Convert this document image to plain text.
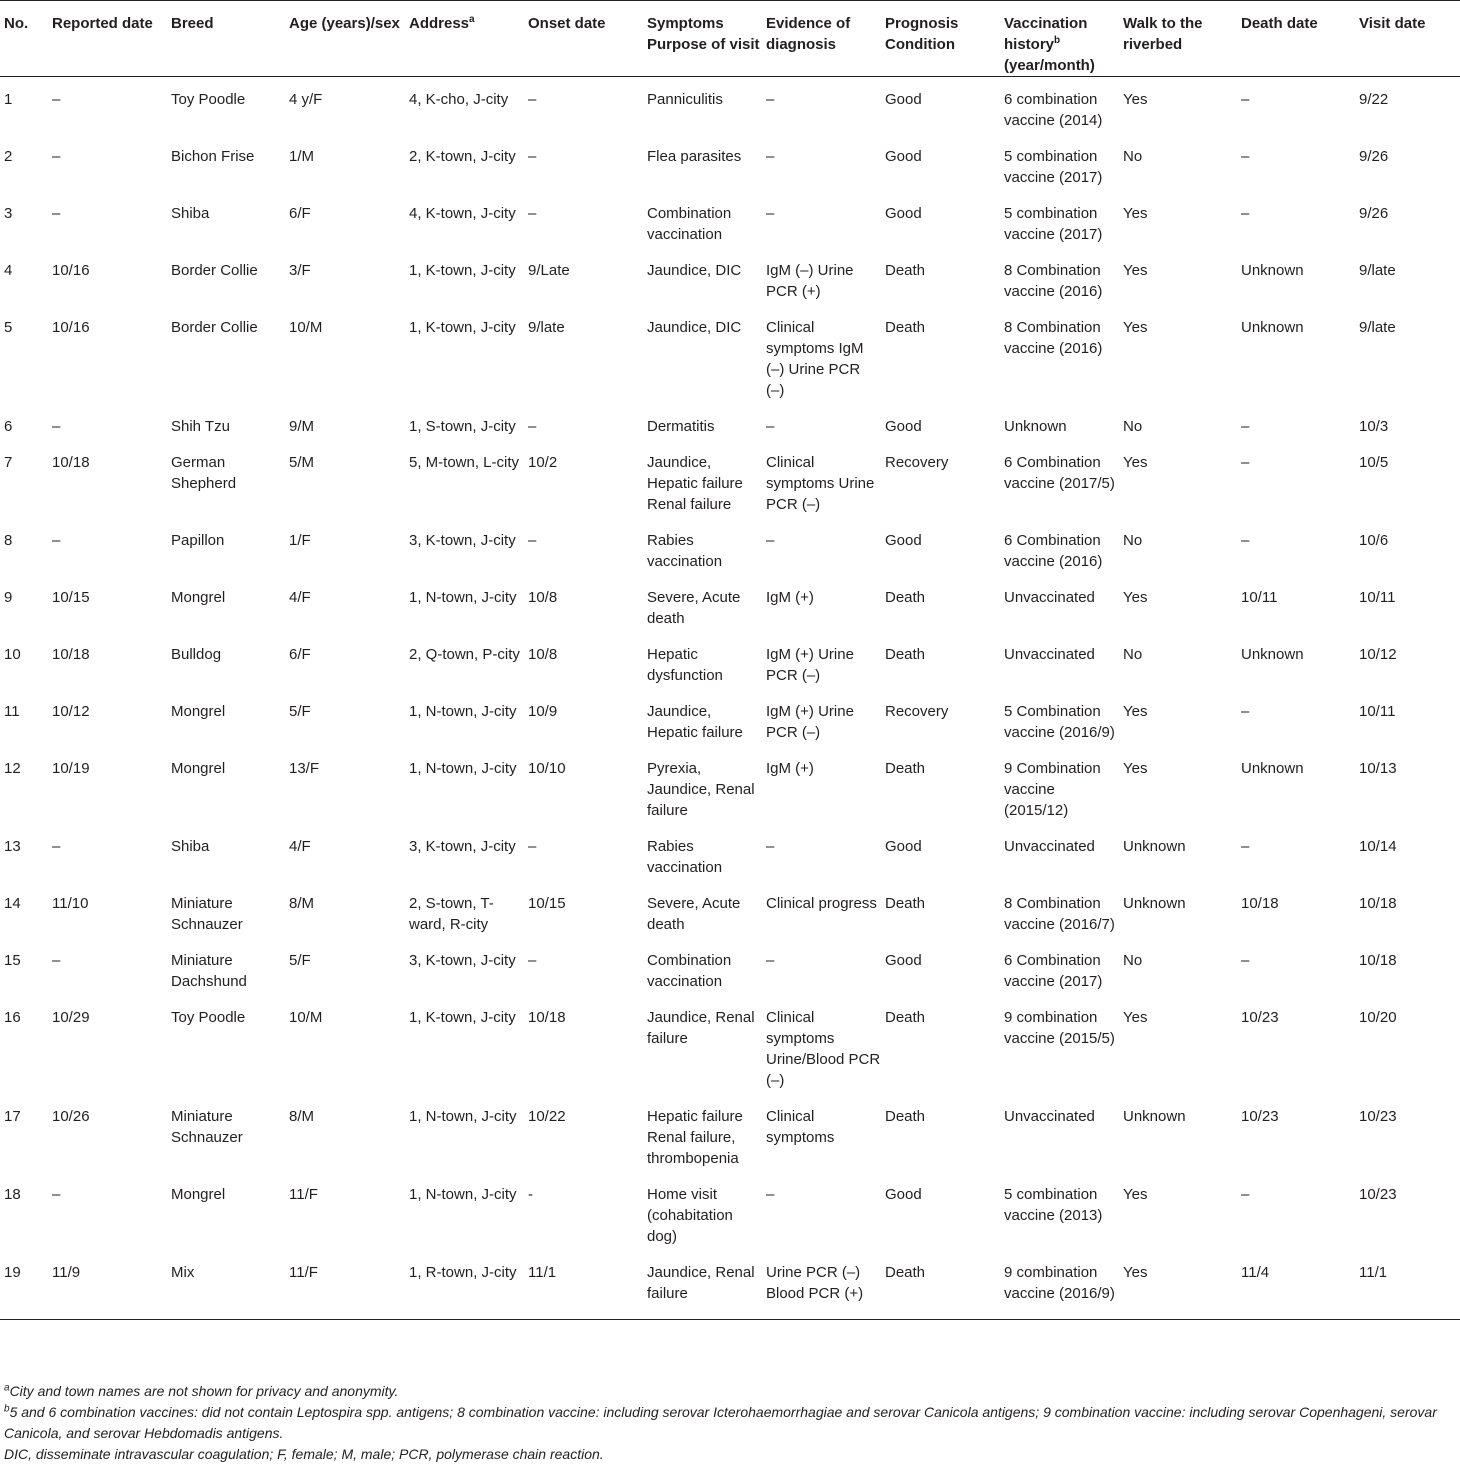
No.	Reported date	Breed	Age (years)/sex	Address$^a$	Onset date	Symptoms Purpose of visit	Evidence of diagnosis	Prognosis Condition	Vaccination history$^b$ (year/month)	Walk to the riverbed	Death date	Visit date
1	–	Toy Poodle	4 y/F	4, K-cho, J-city	–	Panniculitis	–	Good	6 combination vaccine (2014)	Yes	–	9/22
2	–	Bichon Frise	1/M	2, K-town, J-city	–	Flea parasites	–	Good	5 combination vaccine (2017)	No	–	9/26
3	–	Shiba	6/F	4, K-town, J-city	–	Combination vaccination	–	Good	5 combination vaccine (2017)	Yes	–	9/26
4	10/16	Border Collie	3/F	1, K-town, J-city	9/Late	Jaundice, DIC	IgM (–) Urine PCR (+)	Death	8 Combination vaccine (2016)	Yes	Unknown	9/late
5	10/16	Border Collie	10/M	1, K-town, J-city	9/late	Jaundice, DIC	Clinical symptoms IgM (–) Urine PCR (–)	Death	8 Combination vaccine (2016)	Yes	Unknown	9/late
6	–	Shih Tzu	9/M	1, S-town, J-city	–	Dermatitis	–	Good	Unknown	No	–	10/3
7	10/18	German Shepherd	5/M	5, M-town, L-city	10/2	Jaundice, Hepatic failure Renal failure	Clinical symptoms Urine PCR (–)	Recovery	6 Combination vaccine (2017/5)	Yes	–	10/5
8	–	Papillon	1/F	3, K-town, J-city	–	Rabies vaccination	–	Good	6 Combination vaccine (2016)	No	–	10/6
9	10/15	Mongrel	4/F	1, N-town, J-city	10/8	Severe, Acute death	IgM (+)	Death	Unvaccinated	Yes	10/11	10/11
10	10/18	Bulldog	6/F	2, Q-town, P-city	10/8	Hepatic dysfunction	IgM (+) Urine PCR (–)	Death	Unvaccinated	No	Unknown	10/12
11	10/12	Mongrel	5/F	1, N-town, J-city	10/9	Jaundice, Hepatic failure	IgM (+) Urine PCR (–)	Recovery	5 Combination vaccine (2016/9)	Yes	–	10/11
12	10/19	Mongrel	13/F	1, N-town, J-city	10/10	Pyrexia, Jaundice, Renal failure	IgM (+)	Death	9 Combination vaccine (2015/12)	Yes	Unknown	10/13
13	–	Shiba	4/F	3, K-town, J-city	–	Rabies vaccination	–	Good	Unvaccinated	Unknown	–	10/14
14	11/10	Miniature Schnauzer	8/M	2, S-town, T-ward, R-city	10/15	Severe, Acute death	Clinical progress	Death	8 Combination vaccine (2016/7)	Unknown	10/18	10/18
15	–	Miniature Dachshund	5/F	3, K-town, J-city	–	Combination vaccination	–	Good	6 Combination vaccine (2017)	No	–	10/18
16	10/29	Toy Poodle	10/M	1, K-town, J-city	10/18	Jaundice, Renal failure	Clinical symptoms Urine/Blood PCR (–)	Death	9 combination vaccine (2015/5)	Yes	10/23	10/20
17	10/26	Miniature Schnauzer	8/M	1, N-town, J-city	10/22	Hepatic failure Renal failure, thrombopenia	Clinical symptoms	Death	Unvaccinated	Unknown	10/23	10/23
18	–	Mongrel	11/F	1, N-town, J-city	-	Home visit (cohabitation dog)	–	Good	5 combination vaccine (2013)	Yes	–	10/23
19	11/9	Mix	11/F	1, R-town, J-city	11/1	Jaundice, Renal failure	Urine PCR (–) Blood PCR (+)	Death	9 combination vaccine (2016/9)	Yes	11/4	11/1

$^a$City and town names are not shown for privacy and anonymity.

$^b$5 and 6 combination vaccines: did not contain Leptospira spp. antigens; 8 combination vaccine: including serovar Icterohaemorrhagiae and serovar Canicola antigens; 9 combination vaccine: including serovar Copenhageni, serovar Canicola, and serovar Hebdomadis antigens.

DIC, disseminate intravascular coagulation; F, female; M, male; PCR, polymerase chain reaction.
